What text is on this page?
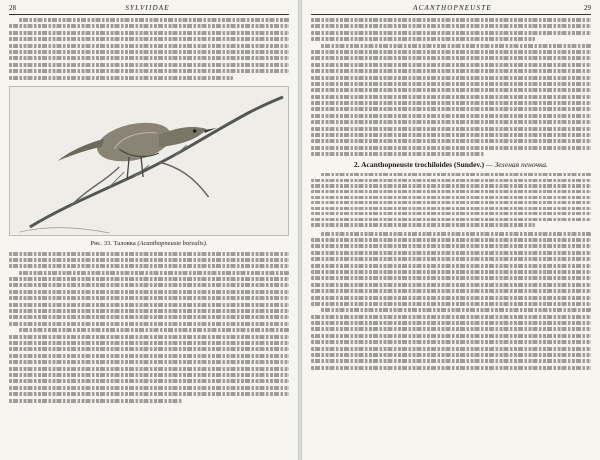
28	SYLVIIDAE
Рис. 33. Таловка (Acanthopneuste borealis).
ACANTHOPNEUSTE	29
2. Acanthopneuste trochiloides (Sundev.) — Зеленая пеночка.
